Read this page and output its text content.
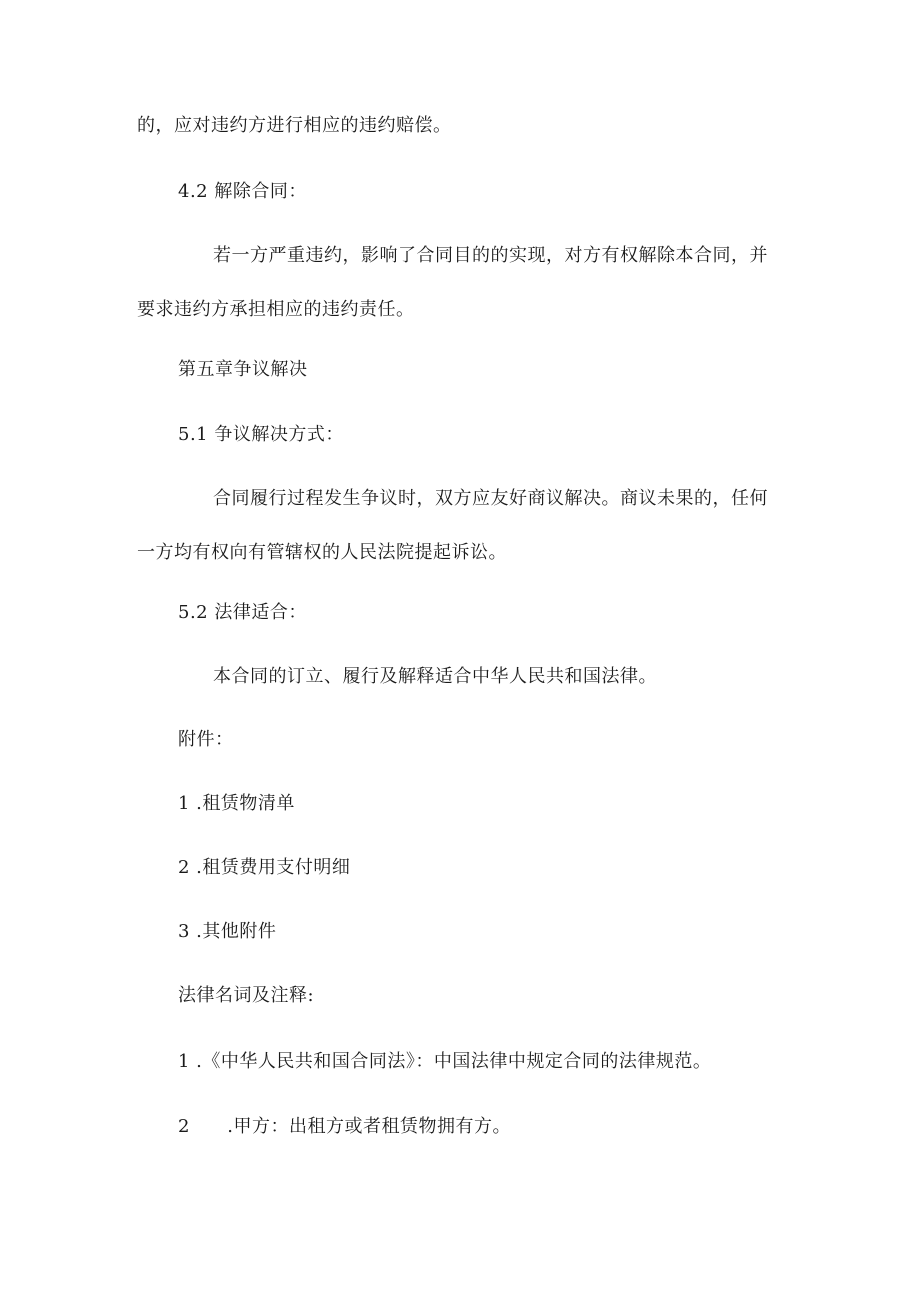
的，应对违约方进行相应的违约赔偿。
4.2 解除合同：
若一方严重违约，影响了合同目的的实现，对方有权解除本合同，并
要求违约方承担相应的违约责任。
第五章争议解决
5.1 争议解决方式：
合同履行过程发生争议时，双方应友好商议解决。商议未果的，任何
一方均有权向有管辖权的人民法院提起诉讼。
5.2 法律适合：
本合同的订立、履行及解释适合中华人民共和国法律。
附件：
1 .租赁物清单
2 .租赁费用支付明细
3 .其他附件
法律名词及注释:
1 .《中华人民共和国合同法》：中国法律中规定合同的法律规范。
2      .甲方：出租方或者租赁物拥有方。
